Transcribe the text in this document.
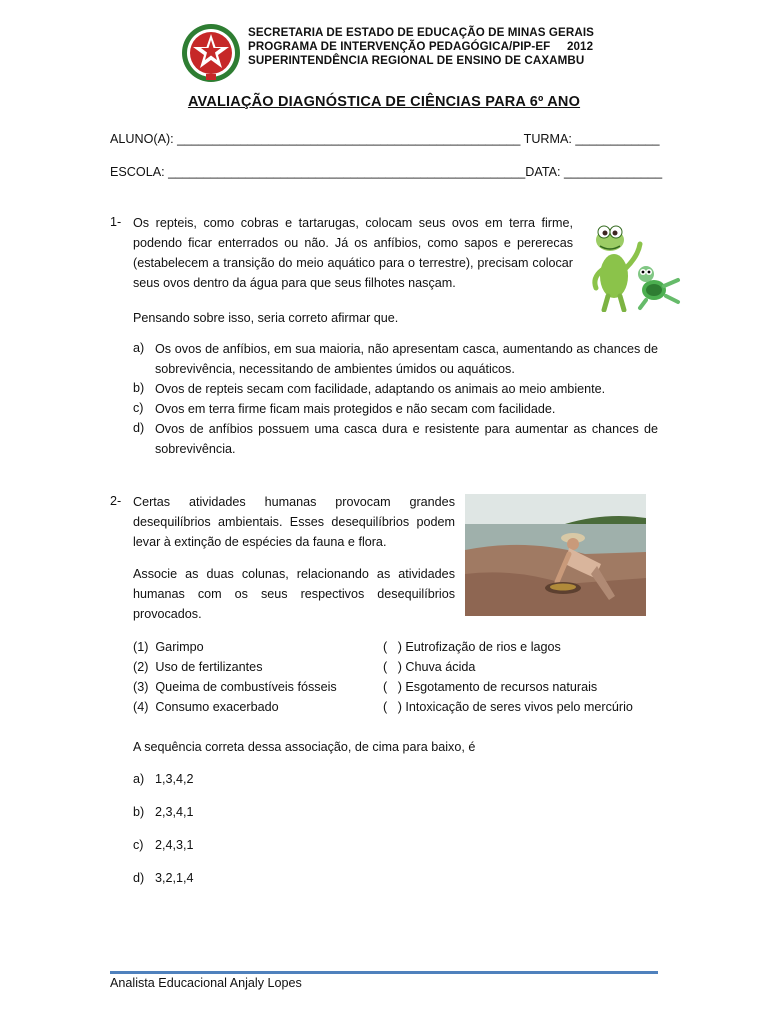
SECRETARIA DE ESTADO DE EDUCAÇÃO DE MINAS GERAIS
PROGRAMA DE INTERVENÇÃO PEDAGÓGICA/PIP-EF     2012
SUPERINTENDÊNCIA REGIONAL DE ENSINO DE CAXAMBU
AVALIAÇÃO DIAGNÓSTICA DE CIÊNCIAS PARA 6º ANO
ALUNO(A): _________________________________________________ TURMA: ____________
ESCOLA: ___________________________________________________DATA: ______________
1- Os repteis, como cobras e tartarugas, colocam seus ovos em terra firme, podendo ficar enterrados ou não. Já os anfíbios, como sapos e pererecas (estabelecem a transição do meio aquático para o terrestre), precisam colocar seus ovos dentro da água para que seus filhotes nasçam.
Pensando sobre isso, seria correto afirmar que.
a) Os ovos de anfíbios, em sua maioria, não apresentam casca, aumentando as chances de sobrevivência, necessitando de ambientes úmidos ou aquáticos.
b) Ovos de repteis secam com facilidade, adaptando os animais ao meio ambiente.
c) Ovos em terra firme ficam mais protegidos e não secam com facilidade.
d) Ovos de anfíbios possuem uma casca dura e resistente para aumentar as chances de sobrevivência.
2- Certas atividades humanas provocam grandes desequilíbrios ambientais. Esses desequilíbrios podem levar à extinção de espécies da fauna e flora.
Associe as duas colunas, relacionando as atividades humanas com os seus respectivos desequilíbrios provocados.
(1)  Garimpo
(2)  Uso de fertilizantes
(3)  Queima de combustíveis fósseis
(4)  Consumo exacerbado
(   ) Eutrofização de rios e lagos
(   ) Chuva ácida
(   ) Esgotamento de recursos naturais
(   ) Intoxicação de seres vivos pelo mercúrio
A sequência correta dessa associação, de cima para baixo, é
a) 1,3,4,2
b) 2,3,4,1
c) 2,4,3,1
d) 3,2,1,4
Analista Educacional Anjaly Lopes
